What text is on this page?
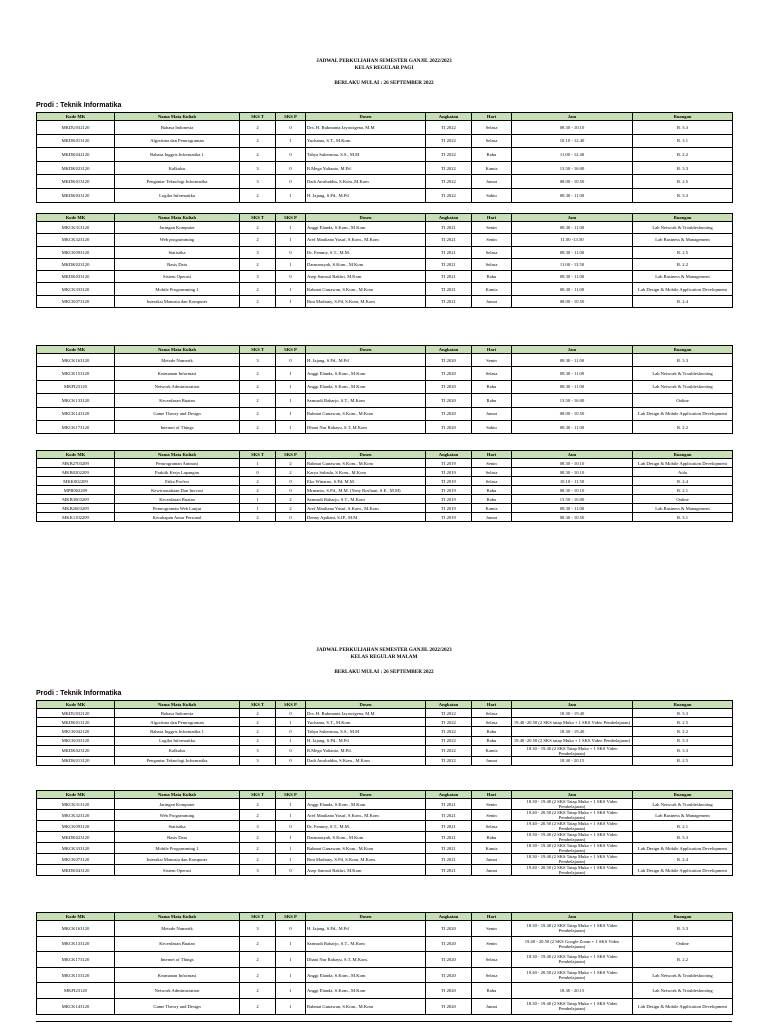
JADWAL PERKULIAHAN SEMESTER GANJIL 2022/2023
KELAS REGULAR PAGI
BERLAKU MULAI : 26 SEPTEMBER 2022
Prodi : Teknik Informatika
Kode MK	Nama Mata Kuliah	SKS T	SKS P	Dosen	Angkatan	Hari	Jam	Ruangan
MKDU032120	Bahasa Indonesia	2	0	Drs. H. Rukmanta Jayawigena, M.M	TI 2022	Selasa	08.30 - 10.10	R. 3.3
MKDK013120	Algoritma dan Pemrograman	2	1	Yuchama, S.T., M.Kom	TI 2022	Selasa	10.10 - 12.40	R. 3.1
MKDK042120	Bahasa Inggris Informatika 1	2	0	Tahya Suhermau, S.S., M.M	TI 2022	Rabu	11.00 - 12.40	R. 2.2
MKDK023120	Kalkulus	3	0	R.Mega Yulianto, M.Pd.	TI 2022	Kamis	13.50 - 16.00	R. 3.3
MKDK013120	Pengantar Teknologi Informatika	3	0	Dadi Awaluddin, S.Kom.,M.Kom	TI 2022	Jumat	08.00 - 10.50	R. 2.5
MKDK033120	Logika Informatika	2	1	H. Jajang, S.Pd., M.Pd	TI 2022	Sabtu	08.30 - 11.00	R. 3.3
Kode MK	Nama Mata Kuliah	SKS T	SKS P	Dosen	Angkatan	Hari	Jam	Ruangan
MKCK313120	Jaringan Komputer	2	1	Anggi Elanda, S.Kom., M.Kom	TI 2021	Senin	08.30 - 11.00	Lab Network & Troubleshooting
MKCK323120	Web programming	2	1	Aref Mauliana Yusuf, S.Kom., M.Kom	TI 2021	Senin	11.00 -13.50	Lab Business & Management
MKCK093120	Statistika	3	0	Dr. Femmy, S.T., M.M.	TI 2021	Selasa	08.30 - 11.00	R. 2.5
MKDK023120	Basis Data	2	1	Darmansyah, S.Kom., M.Kom	TI 2021	Selasa	11.00 - 13.50	R. 2.2
MKDK033120	Sistem Operasi	3	0	Asep Samsul Bakhri, M.Kom	TI 2021	Rabu	08.30 - 11.00	Lab Business & Management
MKCK333120	Mobile Programming 1	2	1	Rahmat Gunawan, S.Kom., M.Kom	TI 2021	Kamis	08.30 - 11.00	Lab Design & Mobile Application Development
MKCK073120	Interaksi Manusia dan Komputer	2	1	Rini Madiany, S.Pd, S.Kom, M.Kom	TI 2021	Jumat	08.00 - 10.50	R. 2.4
Kode MK	Nama Mata Kuliah	SKS T	SKS P	Dosen	Angkatan	Hari	Jam	Ruangan
MKCK163120	Metode Numerik	3	0	H. Jajang, S.Pd., M.Pd	TI 2020	Senin	08.30 - 11.00	R. 3.3
MKCK153120	Keamanan Informasi	2	1	Anggi Elanda, S.Kom., M.Kom	TI 2020	Selasa	08.30 - 11.00	Lab Network & Troubleshooting
MKPI23120	Network Administration	2	1	Anggi Elanda, S.Kom., M.Kom	TI 2020	Rabu	08.30 - 11.00	Lab Network & Troubleshooting
MKCK133120	Kecerdasan Buatan	2	1	Samsudi Raharjo, S.T., M.Kom	TI 2020	Rabu	13.50 - 16.00	Online
MKCK143120	Game Theory and Design	2	1	Rahmat Gunawan, S.Kom., M.Kom	TI 2020	Jumat	08.00 - 10.50	Lab Design & Mobile Application Development
MKCK173120	Internet of Things	2	1	Dhani Nur Rahayu, S.T.,M.Kom	TI 2020	Sabtu	08.30 - 11.00	R. 2.2
Kode MK	Nama Mata Kuliah	SKS T	SKS P	Dosen	Angkatan	Hari	Jam	Ruangan
MKB2703209	Pemrograman Animasi	1	2	Rahmat Gunawan, S.Kom., M.Kom	TI 2019	Senin	08.30 - 10.10	Lab Design & Mobile Application Development
MKB0202209	Praktik Kerja Lapangan	0	2	Karya Suhada, S.Kom., M.Kom	TI 2019	Selasa	08.30 - 10.10	Aula
MKK002209	Etika Profesi	2	0	Eko Winarno, S.Pd, M.M.	TI 2019	Selasa	10.10 - 11.50	R. 2.4
MPB002209	Kewirausahaan Dan Inovasi	2	0	Mrmanto, S.Pd., M.M. (Yeny Rosliani, S.E., M.M)	TI 2019	Rabu	08.30 - 10.10	R. 2.1
MKB3003209	Kecerdasan Buatan	1	2	Samsudi Raharjo, S.T., M.Kom	TI 2019	Rabu	13.50 - 16.00	Online
MKB2603209	Pemrograman Web Lanjut	1	2	Aref Mauliana Yusuf, S.Kom., M.Kom	TI 2019	Kamis	08.30 - 11.00	Lab Business & Management
MKK1102209	Kecakapan Antar Personal	2	0	Denny Apdiani, S.IP., M.M	TI 2019	Jumat	08.30 - 10.50	R. 3.1
JADWAL PERKULIAHAN SEMESTER GANJIL 2022/2023
KELAS REGULAR MALAM
BERLAKU MULAI : 26 SEPTEMBER 2022
Prodi : Teknik Informatika
Kode MK	Nama Mata Kuliah	SKS T	SKS P	Dosen	Angkatan	Hari	Jam	Ruangan
MKDU032120	Bahasa Indonesia	2	0	Drs. H. Rukmanta Jayawigena, M.M	TI 2022	Selasa	18.30 - 19.40	R. 3.3
MKDK013120	Algoritma dan Pemrograman	2	1	Yuchama, S.T., M.Kom	TI 2022	Selasa	19.40 -20.50 (2 SKS tatap Muka + 1 SKS Video Pembelajaran)	R. 2.5
MKCK042120	Bahasa Inggris Informatika 1	2	0	Tahya Suhermau, S.S., M.M	TI 2022	Rabu	18.30 - 19.40	R. 2.2
MKCK033120	Logika Informatika	2	1	H. Jajang, S.Pd., M.Pd	TI 2022	Rabu	19.40 -20.50 (2 SKS tatap Muka + 1 SKS Video Pembelajaran)	R. 3.3
MKDK023120	Kalkulus	3	0	R.Mega Yulianto, M.Pd.	TI 2022	Kamis	18.30 - 19.40 (2 SKS Tatap Muka + 1 SKS Video Pembelajaran)	R. 3.3
MKDK013120	Pengantar Teknologi Informatika	3	0	Dadi Awaluddin, S.Kom., M.Kom	TI 2022	Jumat	18.30 - 20.15	R. 2.5
Kode MK	Nama Mata Kuliah	SKS T	SKS P	Dosen	Angkatan	Hari	Jam	Ruangan
MKCK313120	Jaringan Komputer	2	1	Anggi Elanda, S.Kom., M.Kom	TI 2021	Senin	18.30 - 19.40 (2 SKS Tatap Muka + 1 SKS Video Pembelajaran)	Lab Network & Troubleshooting
MKCK323120	Web Programming	2	1	Aref Mauliana Yusuf, S.Kom., M.Kom	TI 2021	Senin	19.40 - 20.50 (2 SKS Tatap Muka + 1 SKS Video Pembelajaran)	Lab Business & Management
MKCK093120	Statistika	3	0	Dr. Femmy, S.T., M.M.	TI 2021	Selasa	19.40 - 20.50 (2 SKS Tatap Muka + 1 SKS Video Pembelajaran)	R. 2.1
MKDK023120	Basis Data	2	1	Darmansyah, S.Kom., M.Kom	TI 2021	Rabu	18.30 - 19.40 (2 SKS Tatap Muka + 1 SKS Video Pembelajaran)	R. 3.3
MKCK333120	Mobile Programming 1	2	1	Rahmat Gunawan, S.Kom., M.Kom	TI 2021	Kamis	18.30 - 19.40 (2 SKS Tatap Muka + 1 SKS Video Pembelajaran)	Lab Design & Mobile Application Development
MKCK073120	Interaksi Manusia dan Komputer	2	1	Rini Madiany, S.Pd, S.Kom, M.Kom.	TI 2021	Jumat	18.30 - 19.40 (2 SKS Tatap Muka + 1 SKS Video Pembelajaran)	R. 2.4
MKDK043120	Sistem Operasi	3	0	Asep Samsul Bakhri, M.Kom	TI 2021	Jumat	19.40 - 20.50 (2 SKS Tatap Muka + 1 SKS Video Pembelajaran)	Lab Design & Mobile Application Development
Kode MK	Nama Mata Kuliah	SKS T	SKS P	Dosen	Angkatan	Hari	Jam	Ruangan
MKCK163120	Metode Numerik	3	0	H. Jajang, S.Pd., M.Pd	TI 2020	Senin	18.30 - 19.40 (2 SKS Tatap Muka + 1 SKS Video Pembelajaran)	R. 3.3
MKCK133120	Kecerdasan Buatan	2	1	Samsudi Raharjo, S.T., M.Kom	TI 2020	Senin	19.40 - 20.50 (2 SKS Google Zoom + 1 SKS Video Pembelajaran)	Online
MKCK173120	Internet of Things	2	1	Dhani Nur Rahayu, S.T.,M.Kom.	TI 2020	Selasa	18.30 - 19.40 (2 SKS Tatap Muka + 1 SKS Video Pembelajaran)	R. 2.2
MKCK153120	Keamanan Informasi	2	1	Anggi Elanda, S.Kom., M.Kom	TI 2020	Selasa	19.40 - 20.50 (2 SKS Tatap Muka + 1 SKS Video Pembelajaran)	Lab Network & Troubleshooting
MKPI23120	Network Administration	2	1	Anggi Elanda, S.Kom., M.Kom	TI 2020	Rabu	18.30 - 20.15	Lab Network & Troubleshooting
MKCK143120	Game Theory and Design	2	1	Rahmat Gunawan, S.Kom., M.Kom	TI 2020	Jumat	18.30 - 19.40 (2 SKS Tatap Muka + 1 SKS Video Pembelajaran)	Lab Design & Mobile Application Development
